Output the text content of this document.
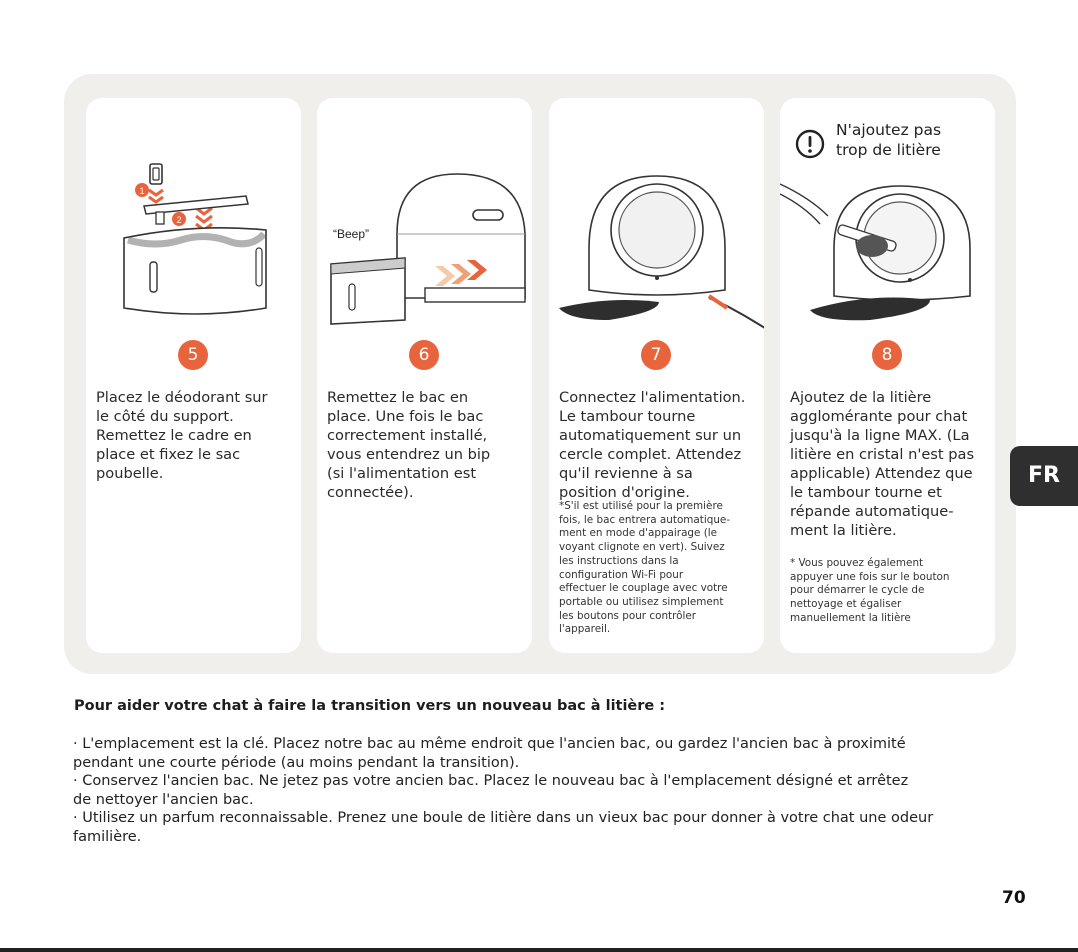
1
2
5
Placez le déodorant sur
le côté du support.
Remettez le cadre en
place et fixez le sac
poubelle.
“Beep”
6
Remettez le bac en
place. Une fois le bac
correctement installé,
vous entendrez un bip
(si l'alimentation est
connectée).
7
Connectez l'alimentation.
Le tambour tourne
automatiquement sur un
cercle complet. Attendez
qu'il revienne à sa
position d'origine.
*S'il est utilisé pour la première
fois, le bac entrera automatique-
ment en mode d'appairage (le
voyant clignote en vert). Suivez
les instructions dans la
configuration Wi-Fi pour
effectuer le couplage avec votre
portable ou utilisez simplement
les boutons pour contrôler
l'appareil.
N'ajoutez pas
trop de litière
8
Ajoutez de la litière
agglomérante pour chat
jusqu'à la ligne MAX. (La
litière en cristal n'est pas
applicable) Attendez que
le tambour tourne et
répande automatique-
ment la litière.
* Vous pouvez également
appuyer une fois sur le bouton
pour démarrer le cycle de
nettoyage et égaliser
manuellement la litière
FR
Pour aider votre chat à faire la transition vers un nouveau bac à litière :

· L'emplacement est la clé. Placez notre bac au même endroit que l'ancien bac, ou gardez l'ancien bac à proximité
pendant une courte période (au moins pendant la transition).

· Conservez l'ancien bac. Ne jetez pas votre ancien bac. Placez le nouveau bac à l'emplacement désigné et arrêtez
de nettoyer l'ancien bac.

· Utilisez un parfum reconnaissable. Prenez une boule de litière dans un vieux bac pour donner à votre chat une odeur
familière.

70
